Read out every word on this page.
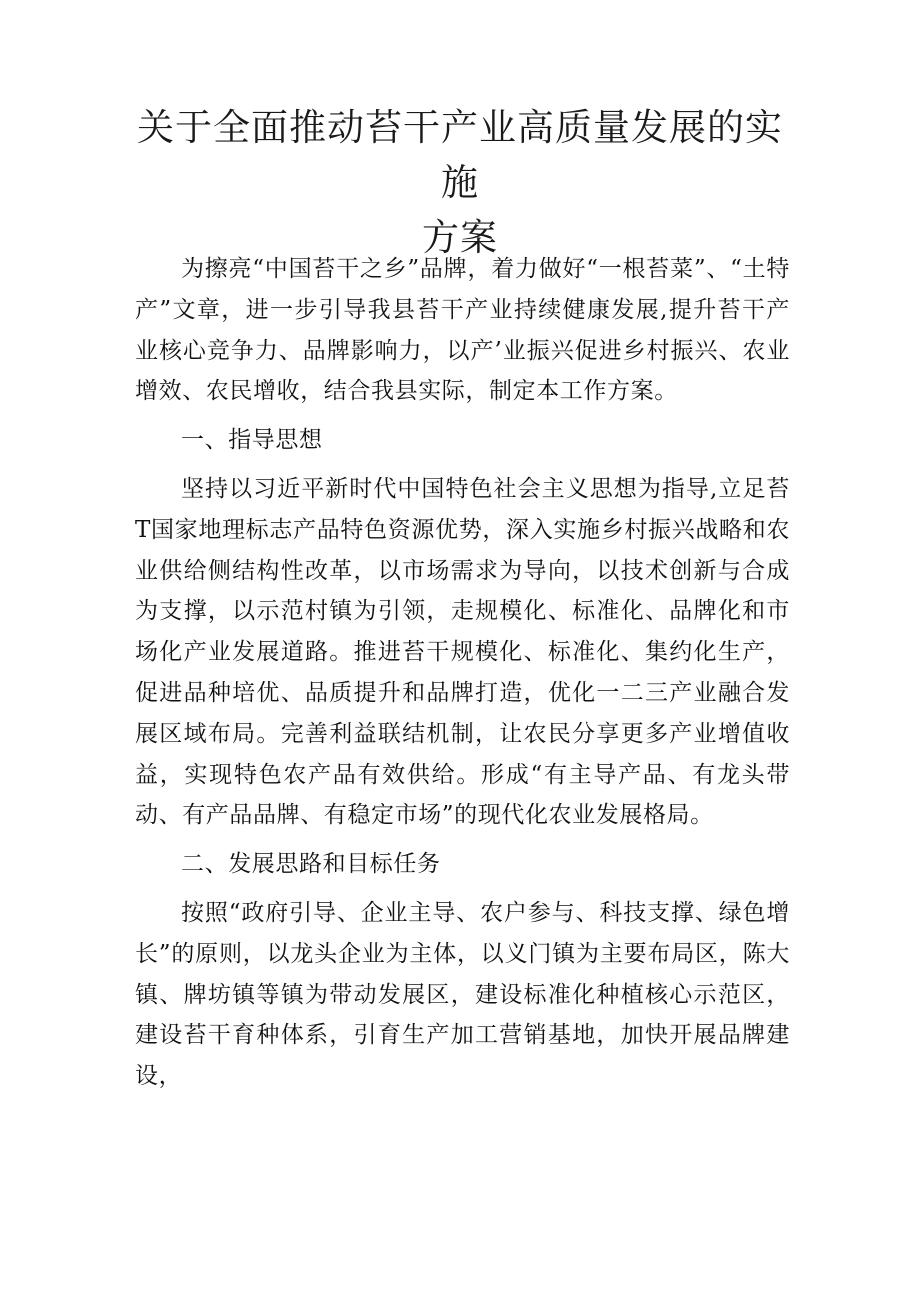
关于全面推动苔干产业高质量发展的实施
方案

为擦亮“中国苔干之乡”品牌，着力做好“一根苔菜”、“土特产”文章，进一步引导我县苔干产业持续健康发展,提升苔干产业核心竞争力、品牌影响力，以产’业振兴促进乡村振兴、农业增效、农民增收，结合我县实际，制定本工作方案。

一、指导思想

坚持以习近平新时代中国特色社会主义思想为指导,立足苔T国家地理标志产品特色资源优势，深入实施乡村振兴战略和农业供给侧结构性改革，以市场需求为导向，以技术创新与合成为支撑，以示范村镇为引领，走规模化、标准化、品牌化和市场化产业发展道路。推进苔干规模化、标准化、集约化生产，促进品种培优、品质提升和品牌打造，优化一二三产业融合发展区域布局。完善利益联结机制，让农民分享更多产业增值收益，实现特色农产品有效供给。形成“有主导产品、有龙头带动、有产品品牌、有稳定市场”的现代化农业发展格局。

二、发展思路和目标任务

按照“政府引导、企业主导、农户参与、科技支撑、绿色增长”的原则，以龙头企业为主体，以义门镇为主要布局区，陈大镇、牌坊镇等镇为带动发展区，建设标准化种植核心示范区，建设苔干育种体系，引育生产加工营销基地，加快开展品牌建设，
